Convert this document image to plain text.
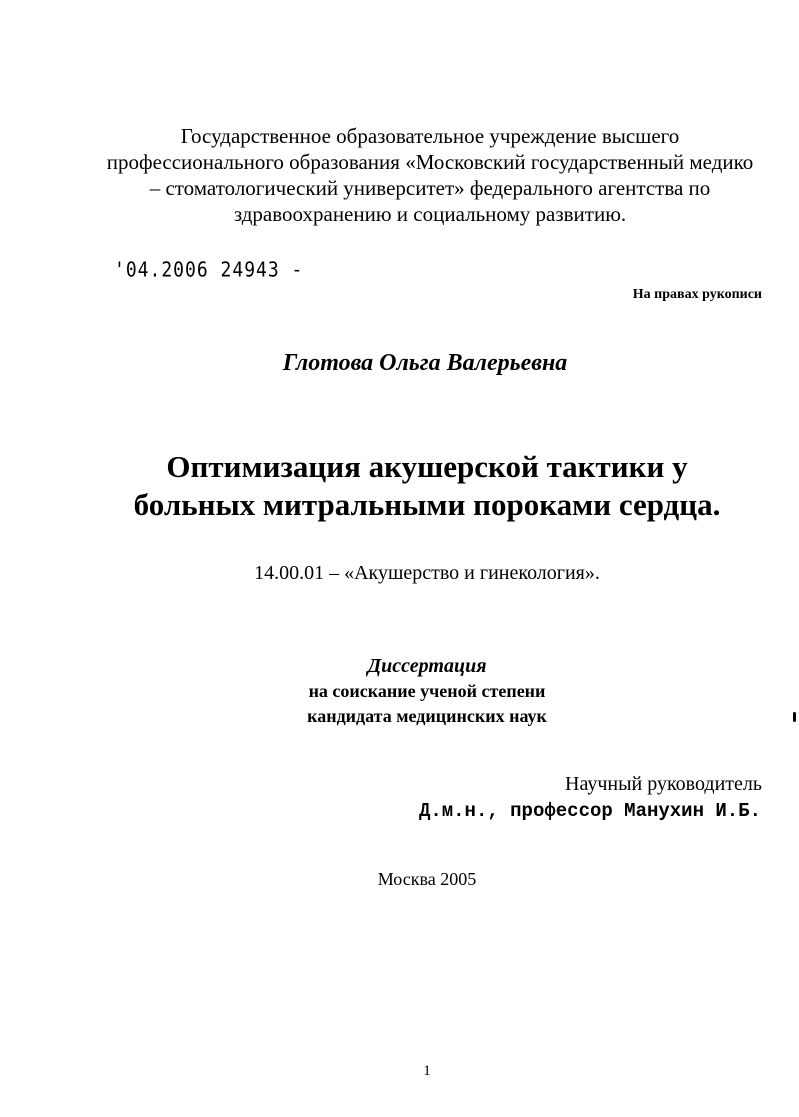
Государственное образовательное учреждение высшего
профессионального образования «Московский государственный медико
– стоматологический университет» федерального агентства по
здравоохранению и социальному развитию.
'04.2006 24943 -
На правах рукописи
Глотова Ольга Валерьевна
Оптимизация акушерской тактики у
больных митральными пороками сердца.
14.00.01 – «Акушерство и гинекология».
Диссертация
на соискание ученой степени
кандидата медицинских наук
Научный руководитель
Д.м.н., профессор Манухин И.Б.
Москва 2005
1
